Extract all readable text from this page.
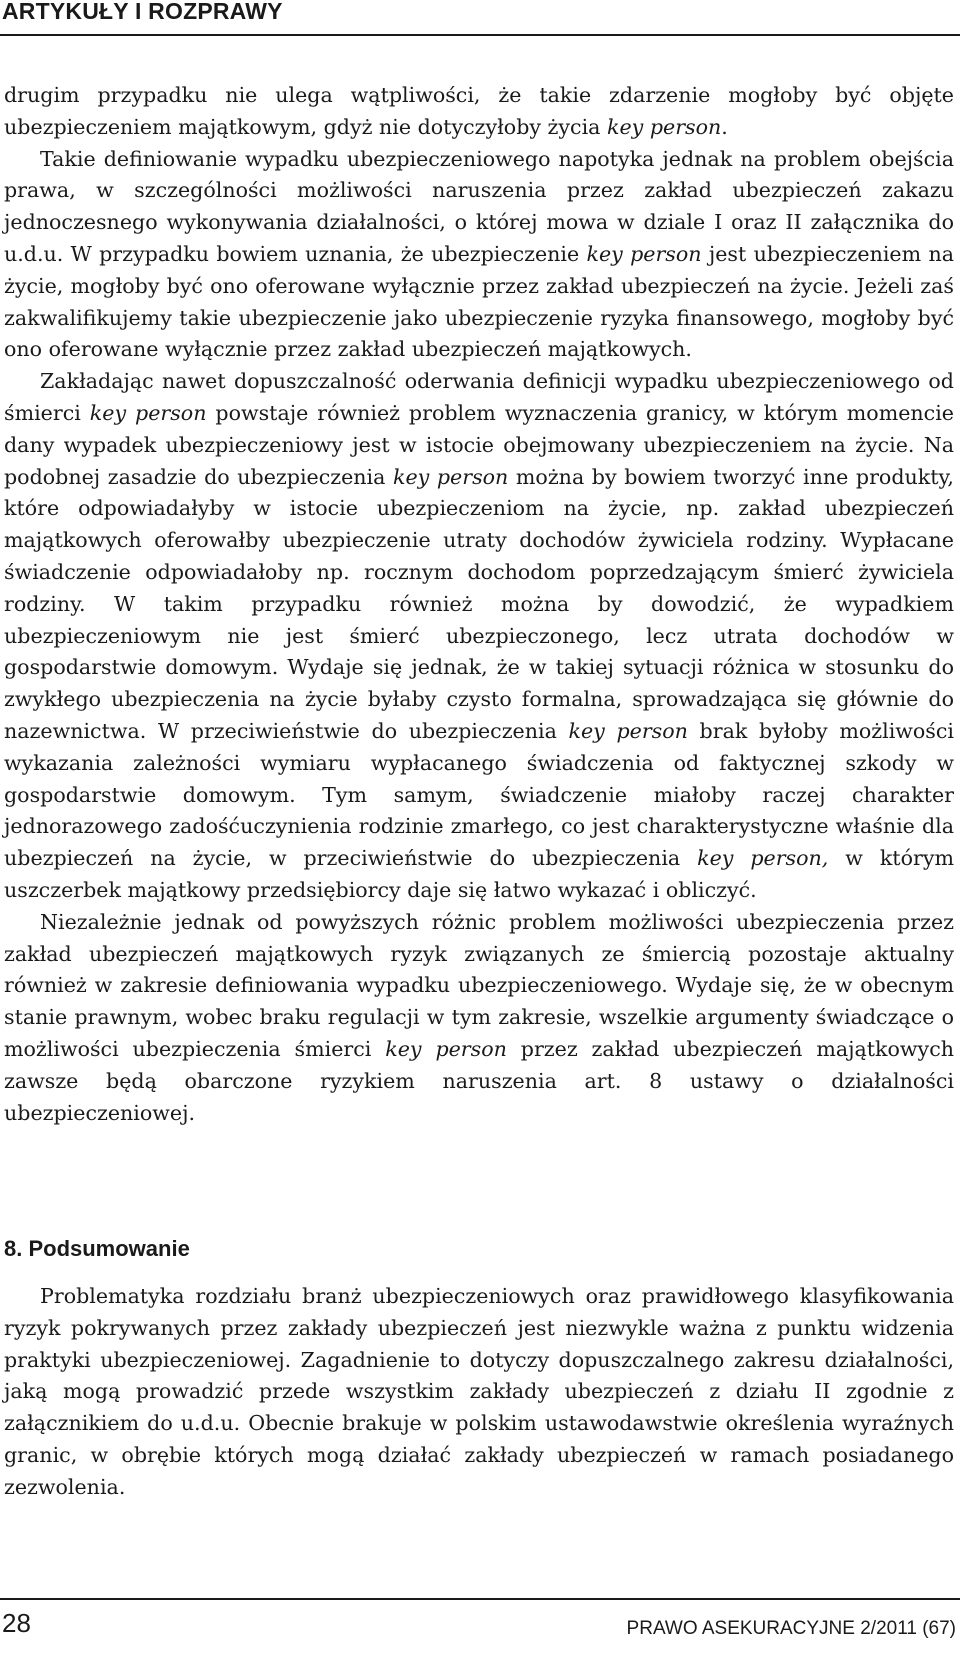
ARTYKUŁY I ROZPRAWY

drugim przypadku nie ulega wątpliwości, że takie zdarzenie mogłoby być objęte ubezpieczeniem majątkowym, gdyż nie dotyczyłoby życia key person.

Takie definiowanie wypadku ubezpieczeniowego napotyka jednak na problem obejścia prawa, w szczególności możliwości naruszenia przez zakład ubezpieczeń zakazu jednoczesnego wykonywania działalności, o której mowa w dziale I oraz II załącznika do u.d.u. W przypadku bowiem uznania, że ubezpieczenie key person jest ubezpieczeniem na życie, mogłoby być ono oferowane wyłącznie przez zakład ubezpieczeń na życie. Jeżeli zaś zakwalifikujemy takie ubezpieczenie jako ubezpieczenie ryzyka finansowego, mogłoby być ono oferowane wyłącznie przez zakład ubezpieczeń majątkowych.

Zakładając nawet dopuszczalność oderwania definicji wypadku ubezpieczeniowego od śmierci key person powstaje również problem wyznaczenia granicy, w którym momencie dany wypadek ubezpieczeniowy jest w istocie obejmowany ubezpieczeniem na życie. Na podobnej zasadzie do ubezpieczenia key person można by bowiem tworzyć inne produkty, które odpowiadałyby w istocie ubezpieczeniom na życie, np. zakład ubezpieczeń majątkowych oferowałby ubezpieczenie utraty dochodów żywiciela rodziny. Wypłacane świadczenie odpowiadałoby np. rocznym dochodom poprzedzającym śmierć żywiciela rodziny. W takim przypadku również można by dowodzić, że wypadkiem ubezpieczeniowym nie jest śmierć ubezpieczonego, lecz utrata dochodów w gospodarstwie domowym. Wydaje się jednak, że w takiej sytuacji różnica w stosunku do zwykłego ubezpieczenia na życie byłaby czysto formalna, sprowadzająca się głównie do nazewnictwa. W przeciwieństwie do ubezpieczenia key person brak byłoby możliwości wykazania zależności wymiaru wypłacanego świadczenia od faktycznej szkody w gospodarstwie domowym. Tym samym, świadczenie miałoby raczej charakter jednorazowego zadośćuczynienia rodzinie zmarłego, co jest charakterystyczne właśnie dla ubezpieczeń na życie, w przeciwieństwie do ubezpieczenia key person, w którym uszczerbek majątkowy przedsiębiorcy daje się łatwo wykazać i obliczyć.

Niezależnie jednak od powyższych różnic problem możliwości ubezpieczenia przez zakład ubezpieczeń majątkowych ryzyk związanych ze śmiercią pozostaje aktualny również w zakresie definiowania wypadku ubezpieczeniowego. Wydaje się, że w obecnym stanie prawnym, wobec braku regulacji w tym zakresie, wszelkie argumenty świadczące o możliwości ubezpieczenia śmierci key person przez zakład ubezpieczeń majątkowych zawsze będą obarczone ryzykiem naruszenia art. 8 ustawy o działalności ubezpieczeniowej.

8. Podsumowanie

Problematyka rozdziału branż ubezpieczeniowych oraz prawidłowego klasyfikowania ryzyk pokrywanych przez zakłady ubezpieczeń jest niezwykle ważna z punktu widzenia praktyki ubezpieczeniowej. Zagadnienie to dotyczy dopuszczalnego zakresu działalności, jaką mogą prowadzić przede wszystkim zakłady ubezpieczeń z działu II zgodnie z załącznikiem do u.d.u. Obecnie brakuje w polskim ustawodawstwie określenia wyraźnych granic, w obrębie których mogą działać zakłady ubezpieczeń w ramach posiadanego zezwolenia.

28	PRAWO ASEKURACYJNE 2/2011 (67)
